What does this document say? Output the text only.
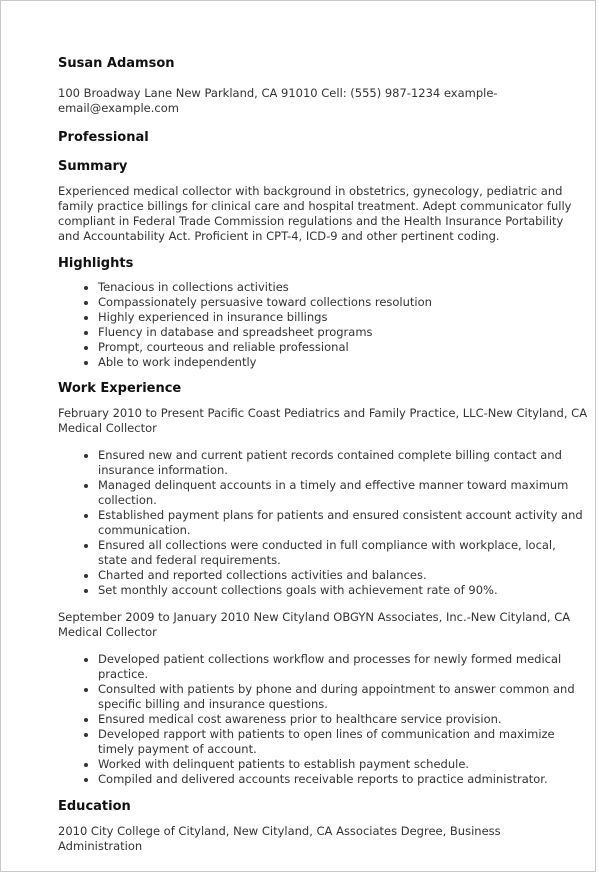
Susan Adamson
100 Broadway Lane New Parkland, CA 91010 Cell: (555) 987-1234 example-email@example.com
Professional
Summary
Experienced medical collector with background in obstetrics, gynecology, pediatric and family practice billings for clinical care and hospital treatment. Adept communicator fully compliant in Federal Trade Commission regulations and the Health Insurance Portability and Accountability Act. Proficient in CPT-4, ICD-9 and other pertinent coding.
Highlights
• Tenacious in collections activities
• Compassionately persuasive toward collections resolution
• Highly experienced in insurance billings
• Fluency in database and spreadsheet programs
• Prompt, courteous and reliable professional
• Able to work independently
Work Experience
February 2010 to Present Pacific Coast Pediatrics and Family Practice, LLC-New Cityland, CA Medical Collector
• Ensured new and current patient records contained complete billing contact and insurance information.
• Managed delinquent accounts in a timely and effective manner toward maximum collection.
• Established payment plans for patients and ensured consistent account activity and communication.
• Ensured all collections were conducted in full compliance with workplace, local, state and federal requirements.
• Charted and reported collections activities and balances.
• Set monthly account collections goals with achievement rate of 90%.
September 2009 to January 2010 New Cityland OBGYN Associates, Inc.-New Cityland, CA Medical Collector
• Developed patient collections workflow and processes for newly formed medical practice.
• Consulted with patients by phone and during appointment to answer common and specific billing and insurance questions.
• Ensured medical cost awareness prior to healthcare service provision.
• Developed rapport with patients to open lines of communication and maximize timely payment of account.
• Worked with delinquent patients to establish payment schedule.
• Compiled and delivered accounts receivable reports to practice administrator.
Education
2010 City College of Cityland, New Cityland, CA Associates Degree, Business Administration
